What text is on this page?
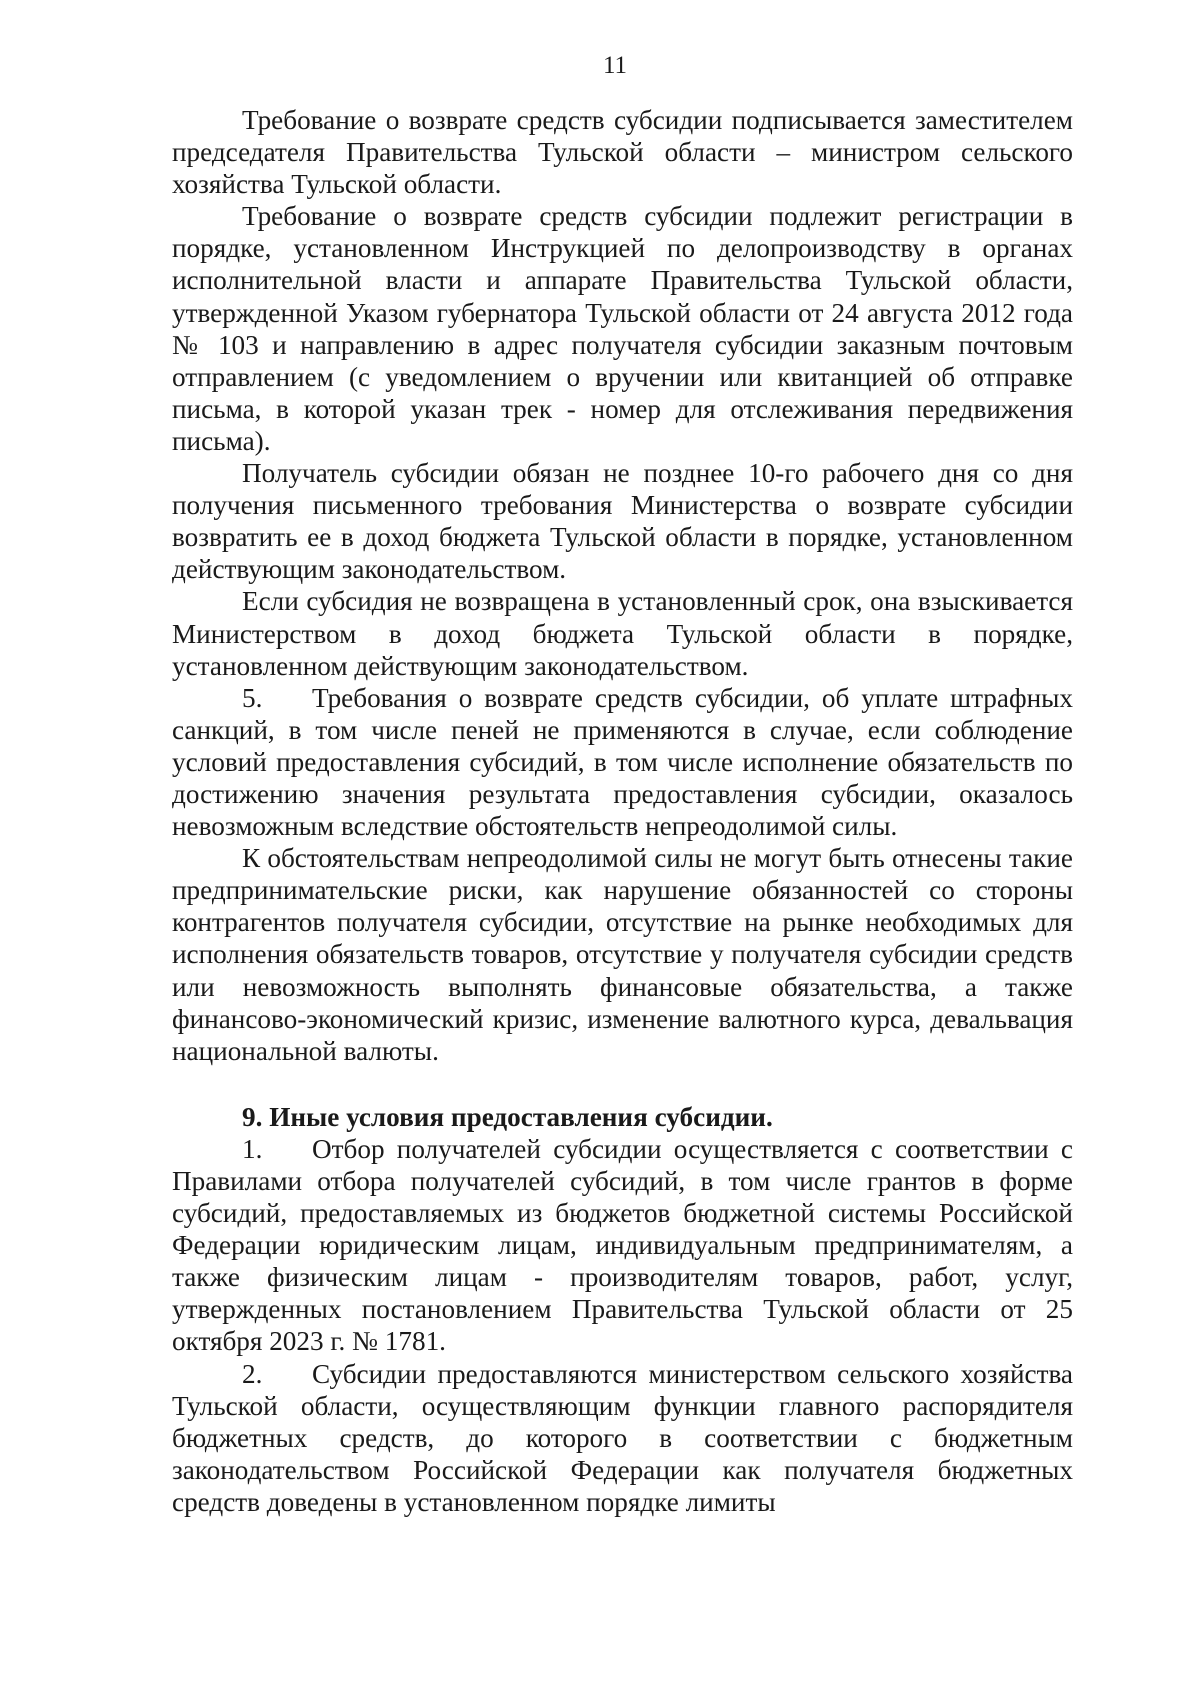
11

Требование о возврате средств субсидии подписывается заместителем председателя Правительства Тульской области – министром сельского хозяйства Тульской области.

Требование о возврате средств субсидии подлежит регистрации в порядке, установленном Инструкцией по делопроизводству в органах исполнительной власти и аппарате Правительства Тульской области, утвержденной Указом губернатора Тульской области от 24 августа 2012 года № 103 и направлению в адрес получателя субсидии заказным почтовым отправлением (с уведомлением о вручении или квитанцией об отправке письма, в которой указан трек - номер для отслеживания передвижения письма).

Получатель субсидии обязан не позднее 10-го рабочего дня со дня получения письменного требования Министерства о возврате субсидии возвратить ее в доход бюджета Тульской области в порядке, установленном действующим законодательством.

Если субсидия не возвращена в установленный срок, она взыскивается Министерством в доход бюджета Тульской области в порядке, установленном действующим законодательством.

5. Требования о возврате средств субсидии, об уплате штрафных санкций, в том числе пеней не применяются в случае, если соблюдение условий предоставления субсидий, в том числе исполнение обязательств по достижению значения результата предоставления субсидии, оказалось невозможным вследствие обстоятельств непреодолимой силы.

К обстоятельствам непреодолимой силы не могут быть отнесены такие предпринимательские риски, как нарушение обязанностей со стороны контрагентов получателя субсидии, отсутствие на рынке необходимых для исполнения обязательств товаров, отсутствие у получателя субсидии средств или невозможность выполнять финансовые обязательства, а также финансово-экономический кризис, изменение валютного курса, девальвация национальной валюты.

9. Иные условия предоставления субсидии.

1. Отбор получателей субсидии осуществляется с соответствии с Правилами отбора получателей субсидий, в том числе грантов в форме субсидий, предоставляемых из бюджетов бюджетной системы Российской Федерации юридическим лицам, индивидуальным предпринимателям, а также физическим лицам - производителям товаров, работ, услуг, утвержденных постановлением Правительства Тульской области от 25 октября 2023 г. № 1781.

2. Субсидии предоставляются министерством сельского хозяйства Тульской области, осуществляющим функции главного распорядителя бюджетных средств, до которого в соответствии с бюджетным законодательством Российской Федерации как получателя бюджетных средств доведены в установленном порядке лимиты
